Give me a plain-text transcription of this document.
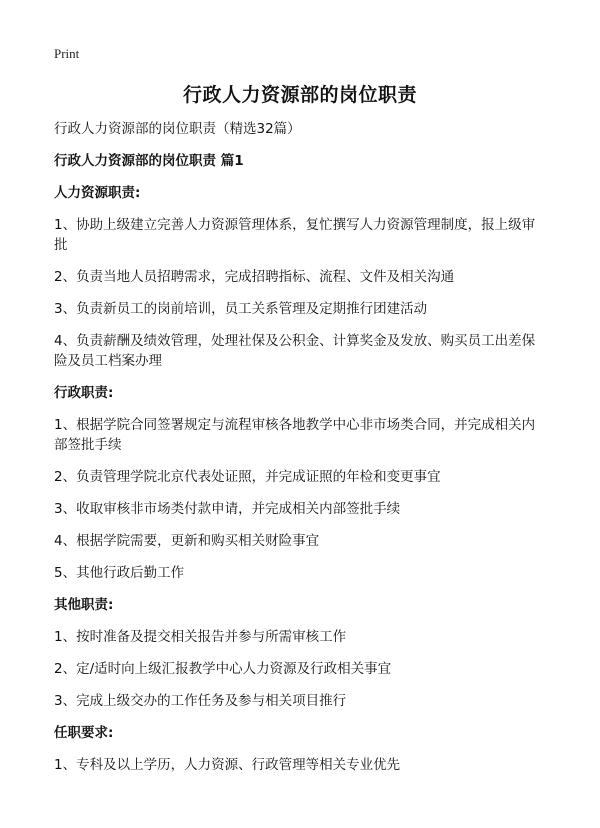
Print
行政人力资源部的岗位职责

行政人力资源部的岗位职责（精选32篇）

行政人力资源部的岗位职责 篇1

人力资源职责:

1、协助上级建立完善人力资源管理体系，复忙撰写人力资源管理制度，报上级审批

2、负责当地人员招聘需求，完成招聘指标、流程、文件及相关沟通

3、负责新员工的岗前培训，员工关系管理及定期推行团建活动

4、负责薪酬及绩效管理，处理社保及公积金、计算奖金及发放、购买员工出差保险及员工档案办理

行政职责:

1、根据学院合同签署规定与流程审核各地教学中心非市场类合同，并完成相关内部签批手续

2、负责管理学院北京代表处证照，并完成证照的年检和变更事宜

3、收取审核非市场类付款申请，并完成相关内部签批手续

4、根据学院需要，更新和购买相关财险事宜

5、其他行政后勤工作

其他职责:

1、按时准备及提交相关报告并参与所需审核工作

2、定/适时向上级汇报教学中心人力资源及行政相关事宜

3、完成上级交办的工作任务及参与相关项目推行

任职要求:

1、专科及以上学历，人力资源、行政管理等相关专业优先
